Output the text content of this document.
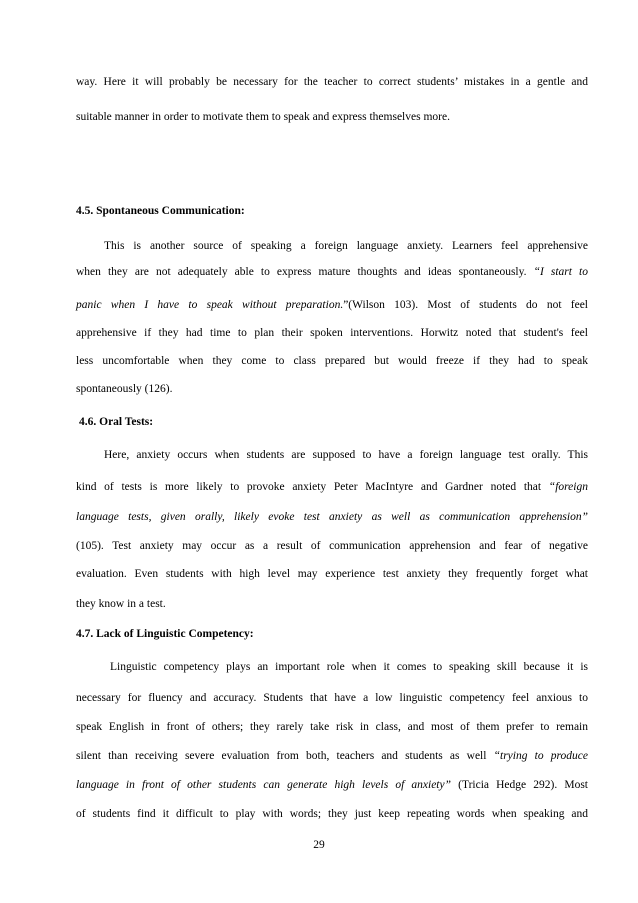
way. Here it will probably be necessary for the teacher to correct students’ mistakes in a gentle and
suitable manner in order to motivate them to speak and express themselves more.
4.5. Spontaneous Communication:
This is another source of speaking a foreign language anxiety. Learners feel apprehensive
when they are not adequately able to express mature thoughts and ideas spontaneously. “I start to
panic when I have to speak without preparation.”(Wilson 103). Most of students do not feel
apprehensive if they had time to plan their spoken interventions. Horwitz noted that student's feel
less uncomfortable when they come to class prepared but would freeze if they had to speak
spontaneously (126).
4.6. Oral Tests:
Here, anxiety occurs when students are supposed to have a foreign language test orally. This
kind of tests is more likely to provoke anxiety Peter MacIntyre and Gardner noted that “foreign
language tests, given orally, likely evoke test anxiety as well as communication apprehension”
(105). Test anxiety may occur as a result of communication apprehension and fear of negative
evaluation. Even students with high level may experience test anxiety they frequently forget what
they know in a test.
4.7. Lack of Linguistic Competency:
Linguistic competency plays an important role when it comes to speaking skill because it is
necessary for fluency and accuracy. Students that have a low linguistic competency feel anxious to
speak English in front of others; they rarely take risk in class, and most of them prefer to remain
silent than receiving severe evaluation from both, teachers and students as well “trying to produce
language in front of other students can generate high levels of anxiety” (Tricia Hedge 292). Most
of students find it difficult to play with words; they just keep repeating words when speaking and
29
